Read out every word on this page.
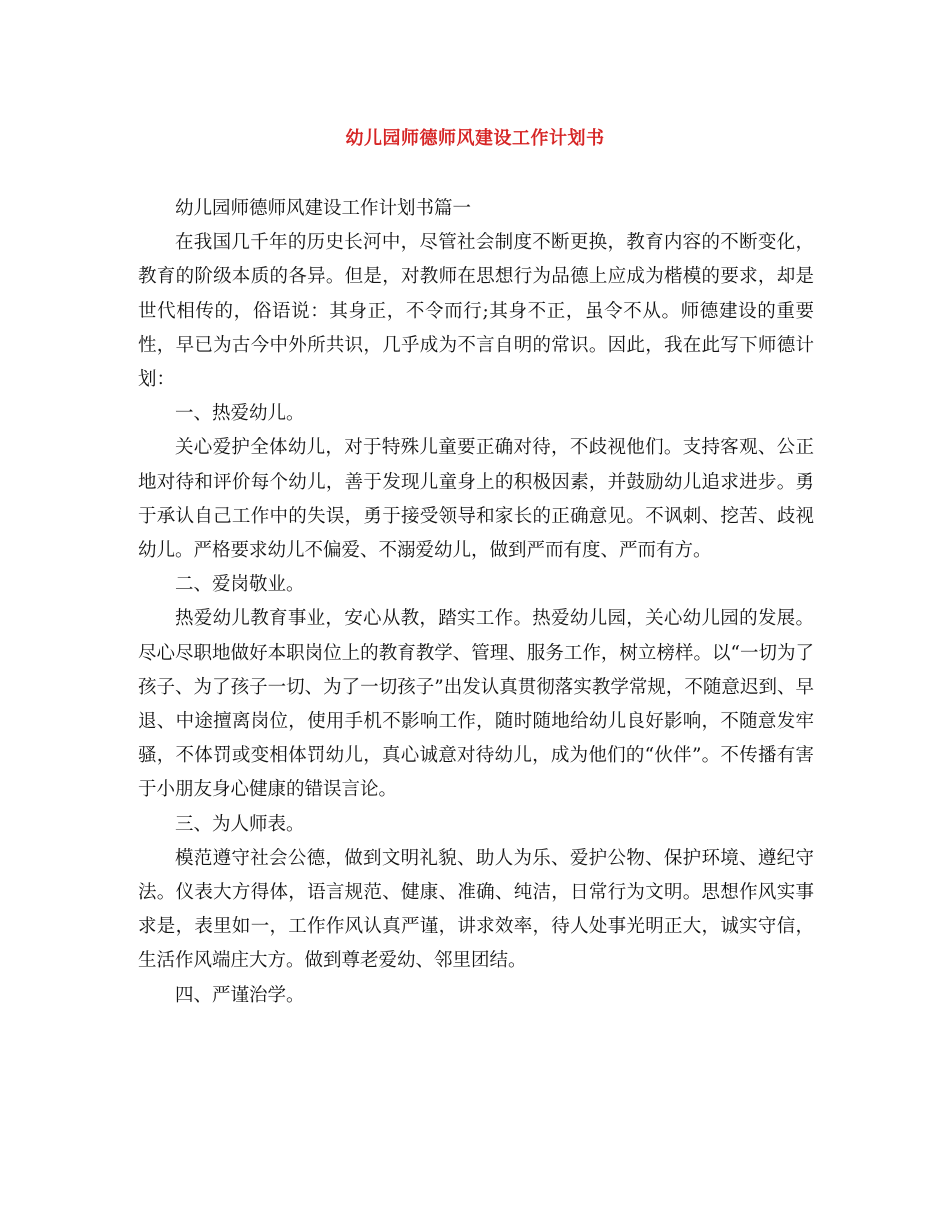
幼儿园师德师风建设工作计划书

幼儿园师德师风建设工作计划书篇一

在我国几千年的历史长河中，尽管社会制度不断更换，教育内容的不断变化，教育的阶级本质的各异。但是，对教师在思想行为品德上应成为楷模的要求，却是世代相传的，俗语说：其身正，不令而行;其身不正，虽令不从。师德建设的重要性，早已为古今中外所共识，几乎成为不言自明的常识。因此，我在此写下师德计划：

一、热爱幼儿。

关心爱护全体幼儿，对于特殊儿童要正确对待，不歧视他们。支持客观、公正地对待和评价每个幼儿，善于发现儿童身上的积极因素，并鼓励幼儿追求进步。勇于承认自己工作中的失误，勇于接受领导和家长的正确意见。不讽刺、挖苦、歧视幼儿。严格要求幼儿不偏爱、不溺爱幼儿，做到严而有度、严而有方。

二、爱岗敬业。

热爱幼儿教育事业，安心从教，踏实工作。热爱幼儿园，关心幼儿园的发展。尽心尽职地做好本职岗位上的教育教学、管理、服务工作，树立榜样。以“一切为了孩子、为了孩子一切、为了一切孩子”出发认真贯彻落实教学常规，不随意迟到、早退、中途擅离岗位，使用手机不影响工作，随时随地给幼儿良好影响，不随意发牢骚，不体罚或变相体罚幼儿，真心诚意对待幼儿，成为他们的“伙伴”。不传播有害于小朋友身心健康的错误言论。

三、为人师表。

模范遵守社会公德，做到文明礼貌、助人为乐、爱护公物、保护环境、遵纪守法。仪表大方得体，语言规范、健康、准确、纯洁，日常行为文明。思想作风实事求是，表里如一，工作作风认真严谨，讲求效率，待人处事光明正大，诚实守信，生活作风端庄大方。做到尊老爱幼、邻里团结。

四、严谨治学。
